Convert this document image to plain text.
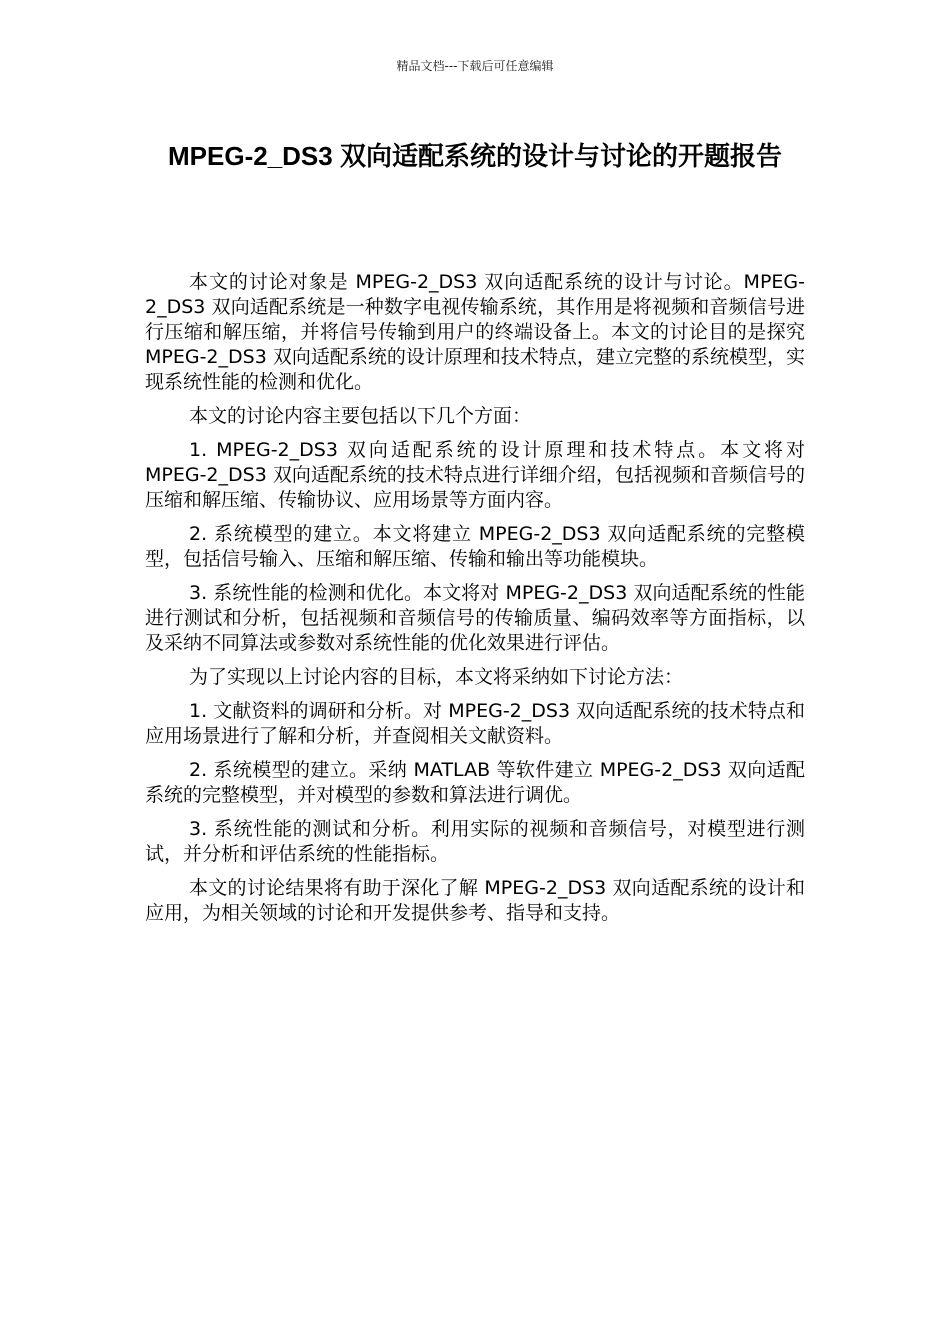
精品文档---下载后可任意编辑
MPEG-2_DS3 双向适配系统的设计与讨论的开题报告

本文的讨论对象是 MPEG-2_DS3 双向适配系统的设计与讨论。MPEG-2_DS3 双向适配系统是一种数字电视传输系统，其作用是将视频和音频信号进行压缩和解压缩，并将信号传输到用户的终端设备上。本文的讨论目的是探究 MPEG-2_DS3 双向适配系统的设计原理和技术特点，建立完整的系统模型，实现系统性能的检测和优化。

本文的讨论内容主要包括以下几个方面：

1. MPEG-2_DS3 双向适配系统的设计原理和技术特点。本文将对 MPEG-2_DS3 双向适配系统的技术特点进行详细介绍，包括视频和音频信号的压缩和解压缩、传输协议、应用场景等方面内容。

2. 系统模型的建立。本文将建立 MPEG-2_DS3 双向适配系统的完整模型，包括信号输入、压缩和解压缩、传输和输出等功能模块。

3. 系统性能的检测和优化。本文将对 MPEG-2_DS3 双向适配系统的性能进行测试和分析，包括视频和音频信号的传输质量、编码效率等方面指标，以及采纳不同算法或参数对系统性能的优化效果进行评估。

为了实现以上讨论内容的目标，本文将采纳如下讨论方法：

1. 文献资料的调研和分析。对 MPEG-2_DS3 双向适配系统的技术特点和应用场景进行了解和分析，并查阅相关文献资料。

2. 系统模型的建立。采纳 MATLAB 等软件建立 MPEG-2_DS3 双向适配系统的完整模型，并对模型的参数和算法进行调优。

3. 系统性能的测试和分析。利用实际的视频和音频信号，对模型进行测试，并分析和评估系统的性能指标。

本文的讨论结果将有助于深化了解 MPEG-2_DS3 双向适配系统的设计和应用，为相关领域的讨论和开发提供参考、指导和支持。
